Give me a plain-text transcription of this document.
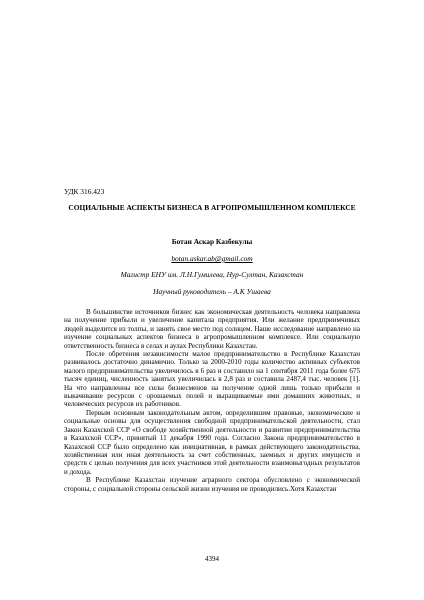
УДК 316.423
СОЦИАЛЬНЫЕ АСПЕКТЫ БИЗНЕСА В АГРОПРОМЫШЛЕННОМ КОМПЛЕКСЕ
Ботан Аскар Казбекулы
botan.askar.ab@gmail.com
Магистр ЕНУ им. Л.Н.Гумилева, Нур-Султан, Казахстан
Научный руководитель – А.К Ушаева

В большинстве источников бизнес как экономическая деятельность человека направлена на получение прибыли и увеличение капитала предприятия. Или желание предприимчивых людей выделится из толпы, и занять свое место под солнцем. Наше исследование направлено на изучение социальных аспектов бизнеса в агропромышленном комплексе. Или социальную ответственность бизнеса в селах и аулах Республики Казахстан.

После обретения независимости малое предпринимательство в Республике Казахстан развивалось достаточно динамично. Только за 2000-2010 годы количество активных субъектов малого предпринимательства увеличилось в 6 раз и составило на 1 сентября 2011 года более 675 тысяч единиц, численность занятых увеличилась в 2,8 раз и составила 2487,4 тыс. человек [1]. На что направленны все силы бизнесменов на получение одной лишь только прибыли и выкачивание ресурсов с орошаемых полей и выращиваемые ими домашних животных, и человеческих ресурсов их работников.

Первым основным законодательным актом, определившим правовые, экономические и социальные основы для осуществления свободной предпринимательской деятельности, стал Закон Казахской ССР «О свободе хозяйственной деятельности и развитии предпринимательства в Казахской ССР», принятый 11 декабря 1990 года. Согласно Закона предпринимательство в Казахской ССР было определено как инициативная, в рамках действующего законодательства, хозяйственная или иная деятельность за счет собственных, заемных и других имуществ и средств с целью получения для всех участников этой деятельности взаимовыгодных результатов и дохода.

В Республике Казахстан изучение аграрного сектора обусловлено с экономической стороны, с социальной стороны сельской жизни изучения не проводились.Хотя Казахстан

4394
